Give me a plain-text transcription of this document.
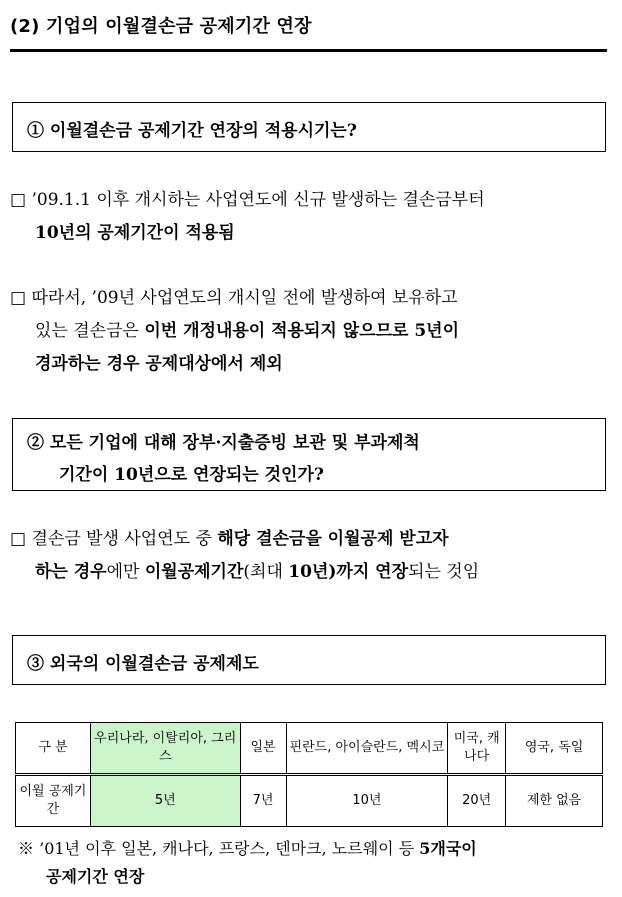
(2) 기업의 이월결손금 공제기간 연장
① 이월결손금 공제기간 연장의 적용시기는?
□ ’09.1.1 이후 개시하는 사업연도에 신규 발생하는 결손금부터
10년의 공제기간이 적용됨
□ 따라서, ’09년 사업연도의 개시일 전에 발생하여 보유하고
있는 결손금은 이번 개정내용이 적용되지 않으므로 5년이
경과하는 경우 공제대상에서 제외
② 모든 기업에 대해 장부·지출증빙 보관 및 부과제척
기간이 10년으로 연장되는 것인가?
□ 결손금 발생 사업연도 중 해당 결손금을 이월공제 받고자
하는 경우에만 이월공제기간(최대 10년)까지 연장되는 것임
③ 외국의 이월결손금 공제제도
구 분	우리나라, 이탈리아, 그리스	일본	핀란드, 아이슬란드, 멕시코	미국, 캐나다	영국, 독일
이월 공제기간	5년	7년	10년	20년	제한 없음
※ ’01년 이후 일본, 캐나다, 프랑스, 덴마크, 노르웨이 등 5개국이
공제기간 연장
